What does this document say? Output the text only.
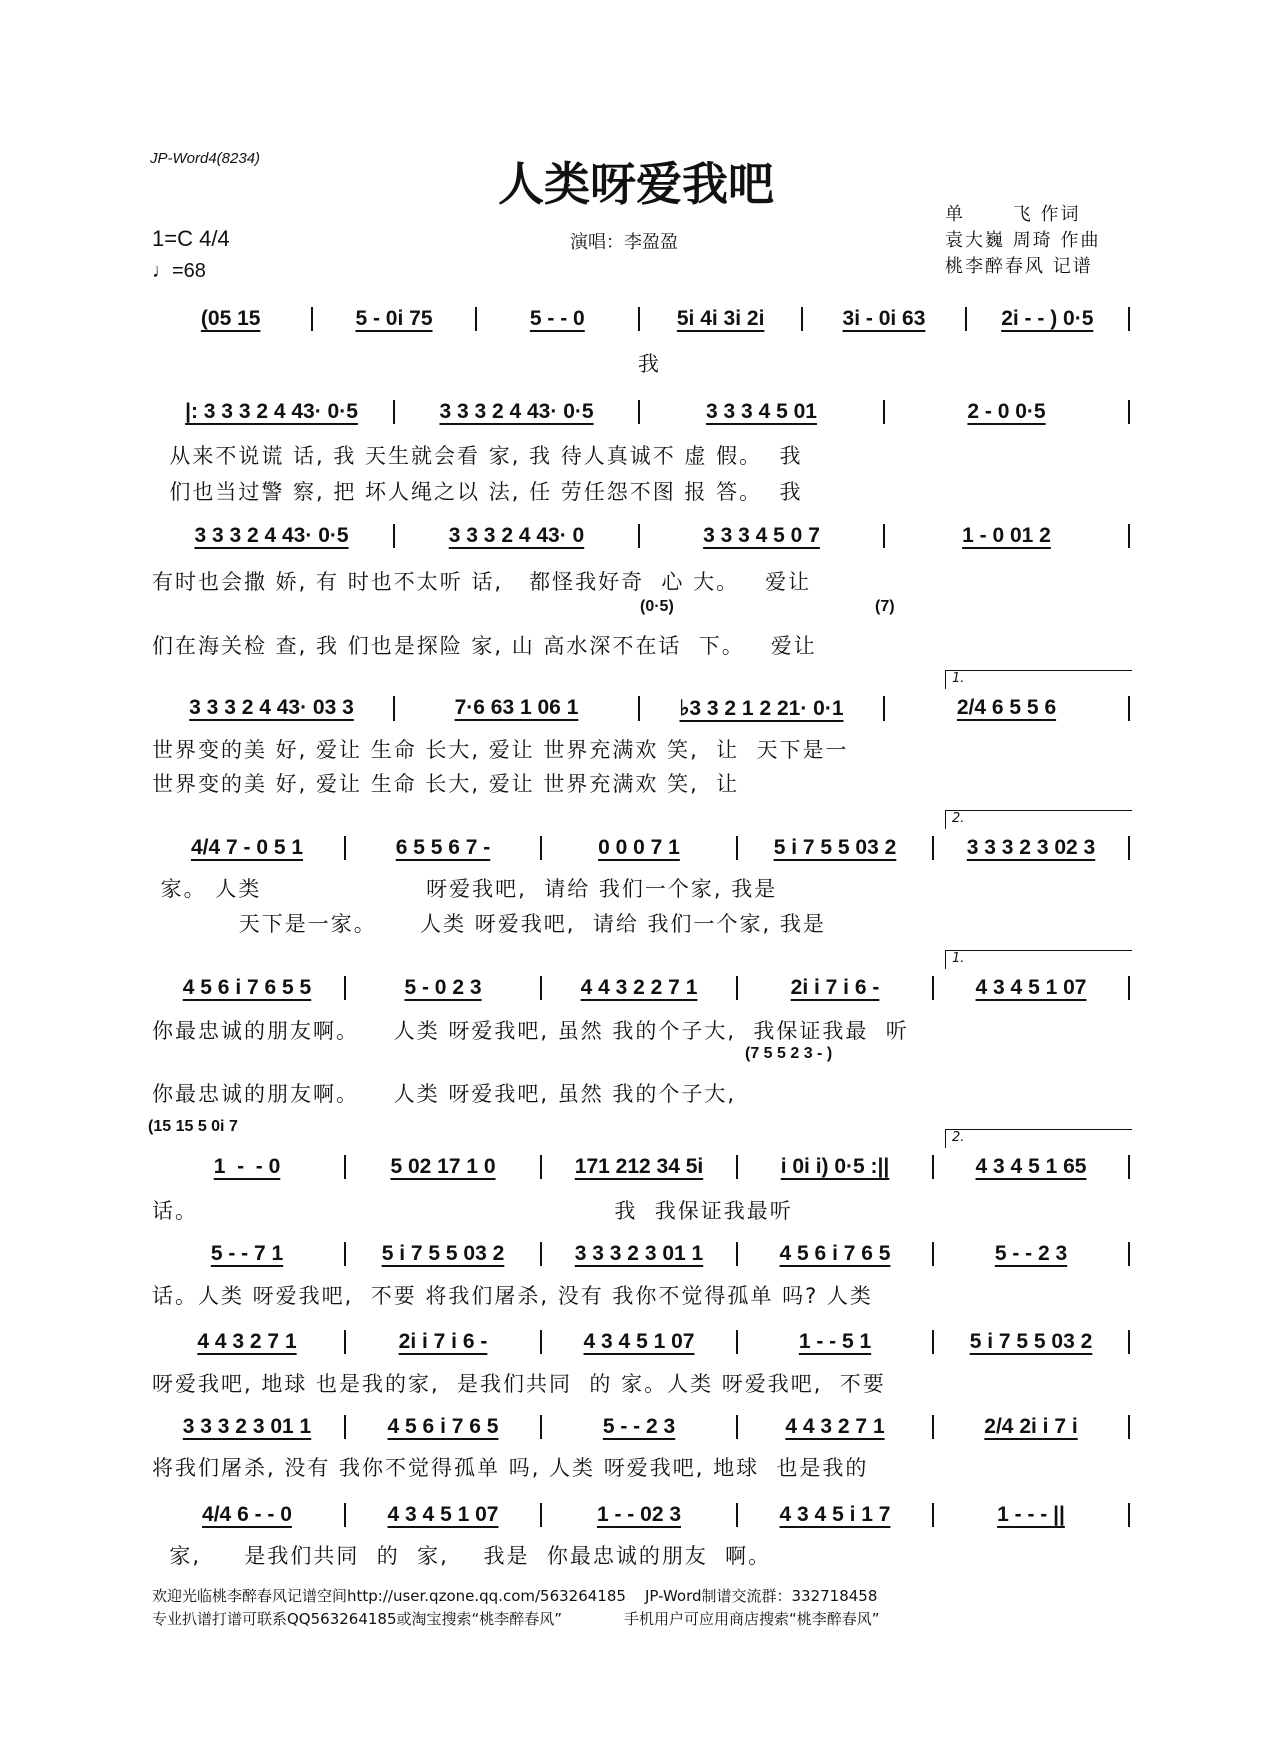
JP-Word4(8234)	人类呀爱我吧
1=C 4/4
♩=68
演唱：李盈盈
单　　 飞 作词
袁大巍 周琦 作曲
桃李醉春风 记谱
(05 15	5 - 0i 75	5 - - 0	5i 4i 3i 2i	3i - 0i 63	2i - - ) 0·5
我
|: 3 3 3 2 4 43· 0·5	3 3 3 2 4 43· 0·5	3 3 3 4 5 01	2 - 0 0·5
从来不说谎 话, 我 天生就会看 家, 我 待人真诚不 虚 假。  我
们也当过警 察, 把 坏人绳之以 法, 任 劳任怨不图 报 答。  我
3 3 3 2 4 43· 0·5	3 3 3 2 4 43· 0	3 3 3 4 5 0 7	1 - 0 01 2
有时也会撒 娇, 有 时也不太听 话,   都怪我好奇  心 大。   爱让
们在海关检 查, 我 们也是探险 家, 山 高水深不在话  下。   爱让
(0·5)	(7)
3 3 3 2 4 43· 03 3	7·6 63 1 06 1	♭3 3 2 1 2 21· 0·1	2/4 6 5 5 6
1.
世界变的美 好, 爱让 生命 长大, 爱让 世界充满欢 笑,  让  天下是一
世界变的美 好, 爱让 生命 长大, 爱让 世界充满欢 笑,  让
4/4 7 - 0 5 1	6 5 5 6 7 -	0 0 0 7 1	5 i 7 5 5 03 2	3 3 3 2 3 02 3
2.
家。 人类                   呀爱我吧,  请给 我们一个家, 我是
天下是一家。     人类 呀爱我吧,  请给 我们一个家, 我是
4 5 6 i 7 6 5 5	5 - 0 2 3	4 4 3 2 2 7 1	2i i 7 i 6 -	4 3 4 5 1 07
1.
你最忠诚的朋友啊。    人类 呀爱我吧, 虽然 我的个子大,  我保证我最  听
你最忠诚的朋友啊。    人类 呀爱我吧, 虽然 我的个子大,
(7 5 5 2 3 - )
1  -  - 0	5 02 17 1 0	171 212 34 5i	i 0i i) 0·5 :||	4 3 4 5 1 65
2.
话。                                                我  我保证我最听
(15 15 5 0i 7
5 - - 7 1	5 i 7 5 5 03 2	3 3 3 2 3 01 1	4 5 6 i 7 6 5	5 - - 2 3
话。人类 呀爱我吧,  不要 将我们屠杀, 没有 我你不觉得孤单 吗? 人类
4 4 3 2 7 1	2i i 7 i 6 -	4 3 4 5 1 07	1 - - 5 1	5 i 7 5 5 03 2
呀爱我吧, 地球 也是我的家,  是我们共同  的 家。人类 呀爱我吧,  不要
3 3 3 2 3 01 1	4 5 6 i 7 6 5	5 - - 2 3	4 4 3 2 7 1	2/4 2i i 7 i
将我们屠杀, 没有 我你不觉得孤单 吗, 人类 呀爱我吧, 地球  也是我的
4/4 6 - - 0	4 3 4 5 1 07	1 - - 02 3	4 3 4 5 i 1 7	1 - - - ||
家,     是我们共同  的  家,    我是  你最忠诚的朋友  啊。
欢迎光临桃李醉春风记谱空间http://user.qzone.qq.com/563264185    JP-Word制谱交流群：332718458
专业扒谱打谱可联系QQ563264185或淘宝搜索“桃李醉春风”             手机用户可应用商店搜索“桃李醉春风”
